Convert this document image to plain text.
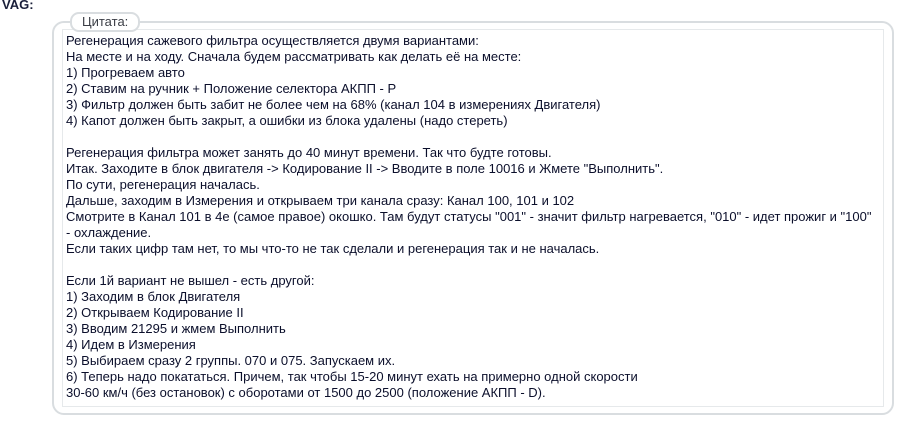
VAG:
Цитата:
Регенерация сажевого фильтра осуществляется двумя вариантами:
На месте и на ходу. Сначала будем рассматривать как делать её на месте:
1) Прогреваем авто
2) Ставим на ручник + Положение селектора АКПП - Р
3) Фильтр должен быть забит не более чем на 68% (канал 104 в измерениях Двигателя)
4) Капот должен быть закрыт, а ошибки из блока удалены (надо стереть)
Регенерация фильтра может занять до 40 минут времени. Так что будте готовы.
Итак. Заходите в блок двигателя -> Кодирование II -> Вводите в поле 10016 и Жмете "Выполнить".
По сути, регенерация началась.
Дальше, заходим в Измерения и открываем три канала сразу: Канал 100, 101 и 102
Смотрите в Канал 101 в 4е (самое правое) окошко. Там будут статусы "001" - значит фильтр нагревается, "010" - идет прожиг и "100"
- охлаждение.
Если таких цифр там нет, то мы что-то не так сделали и регенерация так и не началась.
Если 1й вариант не вышел - есть другой:
1) Заходим в блок Двигателя
2) Открываем Кодирование II
3) Вводим 21295 и жмем Выполнить
4) Идем в Измерения
5) Выбираем сразу 2 группы. 070 и 075. Запускаем их.
6) Теперь надо покататься. Причем, так чтобы 15-20 минут ехать на примерно одной скорости
30-60 км/ч (без остановок) с оборотами от 1500 до 2500 (положение АКПП - D).
